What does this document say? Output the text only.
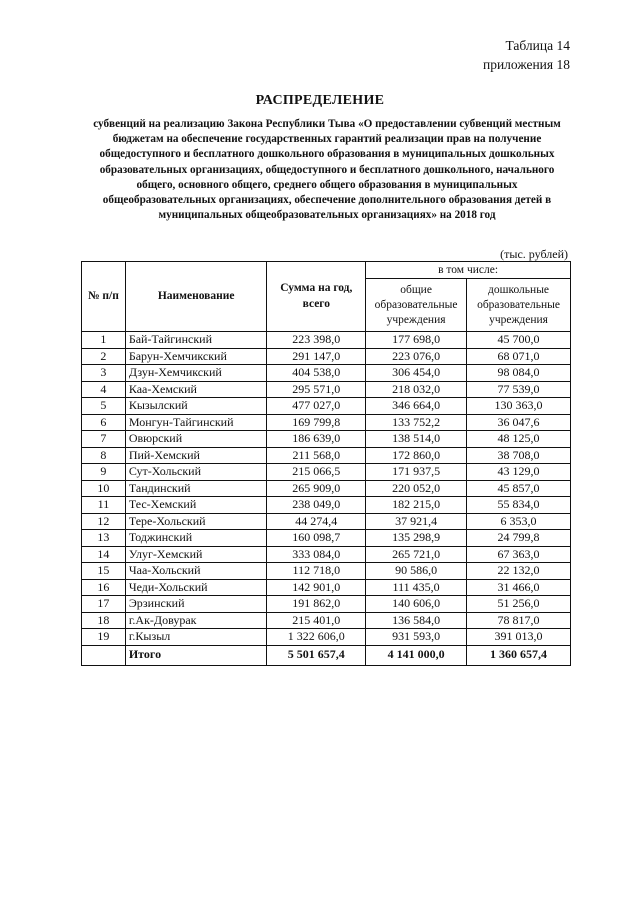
Таблица 14
приложения 18
РАСПРЕДЕЛЕНИЕ
субвенций на реализацию Закона Республики Тыва «О предоставлении субвенций местным бюджетам на обеспечение государственных гарантий реализации прав на получение общедоступного и бесплатного дошкольного образования в муниципальных дошкольных образовательных организациях, общедоступного и бесплатного дошкольного, начального общего, основного общего, среднего общего образования в муниципальных общеобразовательных организациях, обеспечение дополнительного образования детей в муниципальных общеобразовательных организациях» на 2018 год
(тыс. рублей)
№ п/п	Наименование	Сумма на год, всего	в том числе:	
			общие образовательные учреждения	дошкольные образовательные учреждения
1	Бай-Тайгинский	223 398,0	177 698,0	45 700,0
2	Барун-Хемчикский	291 147,0	223 076,0	68 071,0
3	Дзун-Хемчикский	404 538,0	306 454,0	98 084,0
4	Каа-Хемский	295 571,0	218 032,0	77 539,0
5	Кызылский	477 027,0	346 664,0	130 363,0
6	Монгун-Тайгинский	169 799,8	133 752,2	36 047,6
7	Овюрский	186 639,0	138 514,0	48 125,0
8	Пий-Хемский	211 568,0	172 860,0	38 708,0
9	Сут-Хольский	215 066,5	171 937,5	43 129,0
10	Тандинский	265 909,0	220 052,0	45 857,0
11	Тес-Хемский	238 049,0	182 215,0	55 834,0
12	Тере-Хольский	44 274,4	37 921,4	6 353,0
13	Тоджинский	160 098,7	135 298,9	24 799,8
14	Улуг-Хемский	333 084,0	265 721,0	67 363,0
15	Чаа-Хольский	112 718,0	90 586,0	22 132,0
16	Чеди-Хольский	142 901,0	111 435,0	31 466,0
17	Эрзинский	191 862,0	140 606,0	51 256,0
18	г.Ак-Довурак	215 401,0	136 584,0	78 817,0
19	г.Кызыл	1 322 606,0	931 593,0	391 013,0
	Итого	5 501 657,4	4 141 000,0	1 360 657,4
